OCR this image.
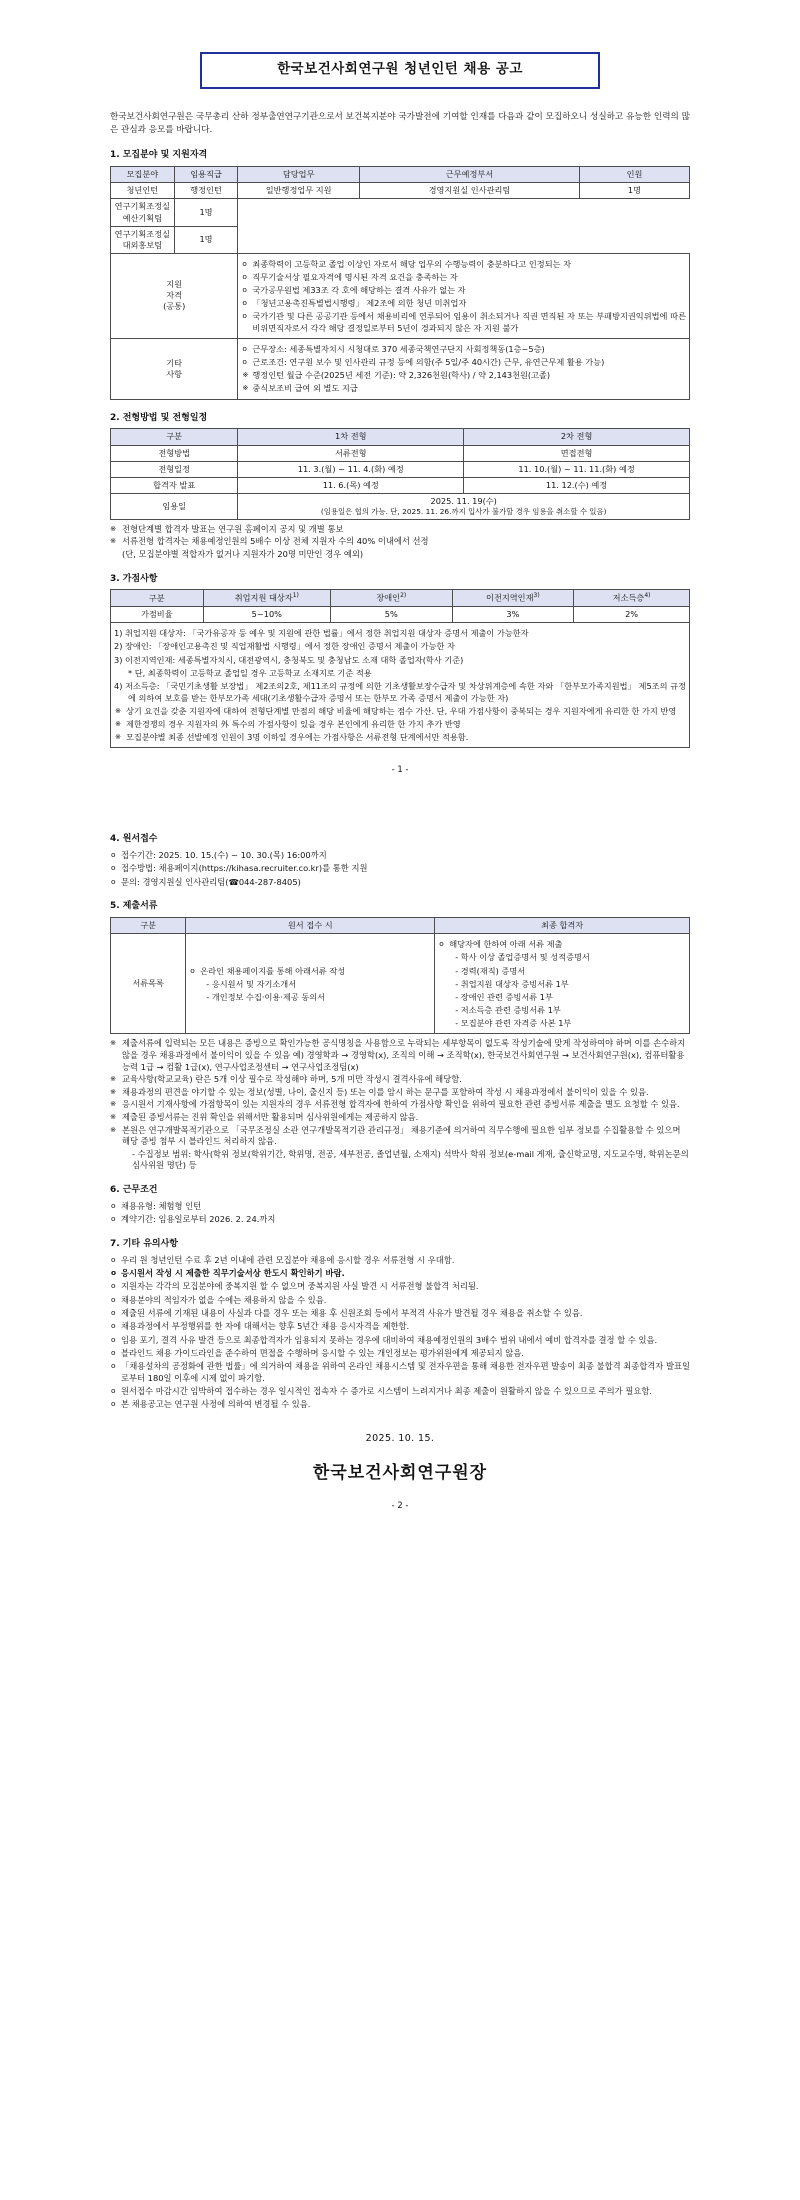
한국보건사회연구원 청년인턴 채용 공고

한국보건사회연구원은 국무총리 산하 정부출연연구기관으로서 보건복지분야 국가발전에 기여할 인재를 다음과 같이 모집하오니 성실하고 유능한 인력의 많은 관심과 응모를 바랍니다.

1. 모집분야 및 지원자격
모집분야	임용직급	담당업무	근무예정부서	인원
청년인턴	행정인턴	일반행정업무 지원	경영지원실 인사관리팀	1명
연구기획조정실 예산기획팀	1명			
연구기획조정실 대외홍보팀	1명			

지원
자격
(공통)

o 최종학력이 고등학교 졸업 이상인 자로서 해당 업무의 수행능력이 충분하다고 인정되는 자
o 직무기술서상 필요자격에 명시된 자격 요건을 충족하는 자
o 국가공무원법 제33조 각 호에 해당하는 결격 사유가 없는 자
o 「청년고용촉진특별법시행령」 제2조에 의한 청년 미취업자
o 국가기관 및 다른 공공기관 등에서 채용비리에 연루되어 임용이 취소되거나 직권 면직된 자 또는 부패방지권익위법에 따른 비위면직자로서 각각 해당 결정일로부터 5년이 경과되지 않은 자 지원 불가

기타
사항

o 근무장소: 세종특별자치시 시청대로 370 세종국책연구단지 사회정책동(1층~5층)
o 근로조건: 연구원 보수 및 인사관리 규정 등에 의함(주 5일/주 40시간) 근무, 유연근무제 활용 가능)
※ 행정인턴 월급 수준(2025년 세전 기준): 약 2,326천원(학사) / 약 2,143천원(고졸)
※ 중식보조비 급여 외 별도 지급
2. 전형방법 및 전형일정
구분	1차 전형	2차 전형
전형방법	서류전형	면접전형
전형일정	11. 3.(월) ~ 11. 4.(화) 예정	11. 10.(월) ~ 11. 11.(화) 예정
합격자 발표	11. 6.(목) 예정	11. 12.(수) 예정
임용일	2025. 11. 19(수)
(임용일은 협의 가능. 단, 2025. 11. 26.까지 입사가 불가할 경우 임용을 취소할 수 있음)	
※ 전형단계별 합격자 발표는 연구원 홈페이지 공지 및 개별 통보
※ 서류전형 합격자는 채용예정인원의 5배수 이상 전체 지원자 수의 40% 이내에서 선정
(단, 모집분야별 적합자가 없거나 지원자가 20명 미만인 경우 예외)
3. 가점사항
구분	취업지원 대상자$^{1)}$	장애인$^{2)}$	이전지역인재$^{3)}$	저소득층$^{4)}$
가점비율	5~10%	5%	3%	2%

1) 취업지원 대상자: 「국가유공자 등 예우 및 지원에 관한 법률」에서 정한 취업지원 대상자 증명서 제출이 가능한자
2) 장애인: 「장애인고용촉진 및 직업재활법 시행령」에서 정한 장애인 증명서 제출이 가능한 자
3) 이전지역인재: 세종특별자치시, 대전광역시, 충청북도 및 충청남도 소재 대학 졸업자(학사 기준)
* 단, 최종학력이 고등학교 졸업일 경우 고등학교 소재지로 기준 적용
4) 저소득층: 「국민기초생활 보장법」 제2조의2호, 제11조의 규정에 의한 기초생활보장수급자 및 차상위계층에 속한 자와 「한부모가족지원법」 제5조의 규정에 의하여 보호를 받는 한부모가족 세대(기초생활수급자 증명서 또는 한부모 가족 증명서 제출이 가능한 자)
※ 상기 요건을 갖춘 지원자에 대하여 전형단계별 만점의 해당 비율에 해당하는 점수 가산. 단, 우대 가점사항이 중복되는 경우 지원자에게 유리한 한 가지 반영
※ 제한경쟁의 경우 지원자의 外 특수의 가점사항이 있을 경우 본인에게 유리한 한 가지 추가 반영
※ 모집분야별 최종 선발예정 인원이 3명 이하일 경우에는 가점사항은 서류전형 단계에서만 적용함.
- 1 -
4. 원서접수
o 접수기간: 2025. 10. 15.(수) ~ 10. 30.(목) 16:00까지
o 접수방법: 채용페이지(https://kihasa.recruiter.co.kr)를 통한 지원
o 문의: 경영지원실 인사관리팀(☎044-287-8405)
5. 제출서류
구분	원서 접수 시	최종 합격자
서류목록	
o 온라인 채용페이지를 통해 아래서류 작성
- 응시원서 및 자기소개서
- 개인정보 수집·이용·제공 동의서

o 해당자에 한하여 아래 서류 제출
- 학사 이상 졸업증명서 및 성적증명서
- 경력(재직) 증명서
- 취업지원 대상자 증빙서류 1부
- 장애인 관련 증빙서류 1부
- 저소득층 관련 증빙서류 1부
- 모집분야 관련 자격증 사본 1부
※ 제출서류에 입력되는 모든 내용은 증빙으로 확인가능한 공식명칭을 사용함으로 누락되는 세부항목이 없도록 작성기술에 맞게 작성하여야 하며 이를 손수하지 않을 경우 채용과정에서 불이익이 있을 수 있음 예) 경영학과 → 경영학(x), 조직의 이해 → 조직학(x), 한국보건사회연구원 → 보건사회연구원(x), 컴퓨터활용능력 1급 → 컴활 1급(x), 연구사업조정센터 → 연구사업조정팀(x)
※ 교육사항(학교교육) 란은 5개 이상 필수로 작성해야 하며, 5개 미만 작성시 결격사유에 해당함.
※ 채용과정의 편견을 야기할 수 있는 정보(성별, 나이, 출신지 등) 또는 이를 암시 하는 문구를 포함하여 작성 시 채용과정에서 불이익이 있을 수 있음.
※ 응시원서 기재사항에 가점항목이 있는 지원자의 경우 서류전형 합격자에 한하여 가점사항 확인을 위하여 필요한 관련 증빙서류 제출을 별도 요청할 수 있음.
※ 제출된 증빙서류는 진위 확인을 위해서만 활용되며 심사위원에게는 제공하지 않음.
※ 본원은 연구개발목적기관으로 「국무조정실 소관 연구개발목적기관 관리규정」 채용기준에 의거하여 직무수행에 필요한 임부 정보를 수집활용할 수 있으며 해당 증빙 첨부 시 블라인드 처리하지 않음.
- 수집정보 범위: 학사(학위 정보(학위기간, 학위명, 전공, 세부전공, 졸업년월, 소재지) 석박사 학위 정보(e-mail 게재, 출신학교명, 지도교수명, 학위논문의 심사위원 명단) 등
6. 근무조건
o 채용유형: 체험형 인턴
o 계약기간: 임용일로부터 2026. 2. 24.까지
7. 기타 유의사항
o 우리 원 청년인턴 수료 후 2년 이내에 관련 모집분야 채용에 응시할 경우 서류전형 시 우대함.
o 응시원서 작성 시 제출한 직무기술서상 한도시 확인하기 바람.
o 지원자는 각각의 모집분야에 중복지원 할 수 없으며 중복지원 사실 발견 시 서류전형 불합격 처리됨.
o 채용분야의 적임자가 없을 수에는 채용하지 않을 수 있음.
o 제출된 서류에 기재된 내용이 사실과 다를 경우 또는 채용 후 신원조회 등에서 부적격 사유가 발견될 경우 채용을 취소할 수 있음.
o 채용과정에서 부정행위를 한 자에 대해서는 향후 5년간 채용 응시자격을 제한함.
o 임용 포기, 결격 사유 발견 등으로 최종합격자가 임용되지 못하는 경우에 대비하여 채용예정인원의 3배수 범위 내에서 예비 합격자를 결정 할 수 있음.
o 블라인드 채용 가이드라인을 준수하여 면접을 수행하며 응시할 수 있는 개인정보는 평가위원에게 제공되지 않음.
o 「채용설차의 공정화에 관한 법률」에 의거하여 채용을 위하여 온라인 채용시스템 및 전자우편을 통해 채용한 전자우편 발송이 최종 불합격 최종합격자 발표일로부터 180일 이후에 시제 없이 파기함.
o 원서접수 마감시간 임박하여 접수하는 경우 일시적인 접속자 수 증가로 시스템이 느려지거나 최종 제출이 원활하지 않을 수 있으므로 주의가 필요함.
o 본 채용공고는 연구원 사정에 의하여 변경될 수 있음.
2025. 10. 15.
한국보건사회연구원장
- 2 -
